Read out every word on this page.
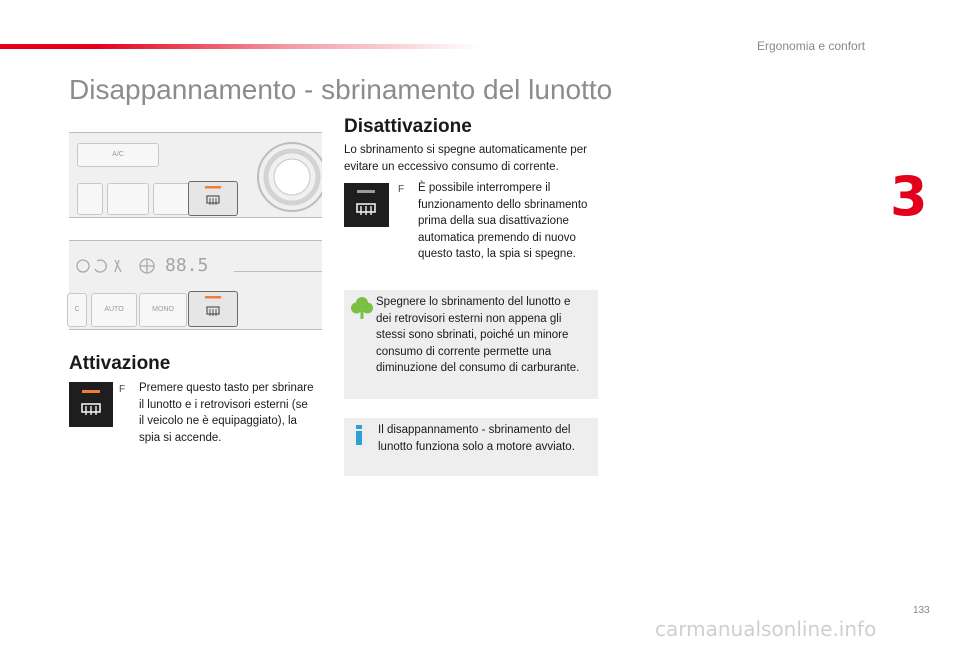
Ergonomia e confort
3
Disappannamento - sbrinamento del lunotto
A/C
88.5
C	AUTO	MONO
Attivazione
F Premere questo tasto per sbrinare
il lunotto e i retrovisori esterni (se
il veicolo ne è equipaggiato), la
spia si accende.
Disattivazione
Lo sbrinamento si spegne automaticamente per
evitare un eccessivo consumo di corrente.
F È possibile interrompere il
funzionamento dello sbrinamento
prima della sua disattivazione
automatica premendo di nuovo
questo tasto, la spia si spegne.
Spegnere lo sbrinamento del lunotto e
dei retrovisori esterni non appena gli
stessi sono sbrinati, poiché un minore
consumo di corrente permette una
diminuzione del consumo di carburante.
Il disappannamento - sbrinamento del
lunotto funziona solo a motore avviato.
133
carmanualsonline.info
